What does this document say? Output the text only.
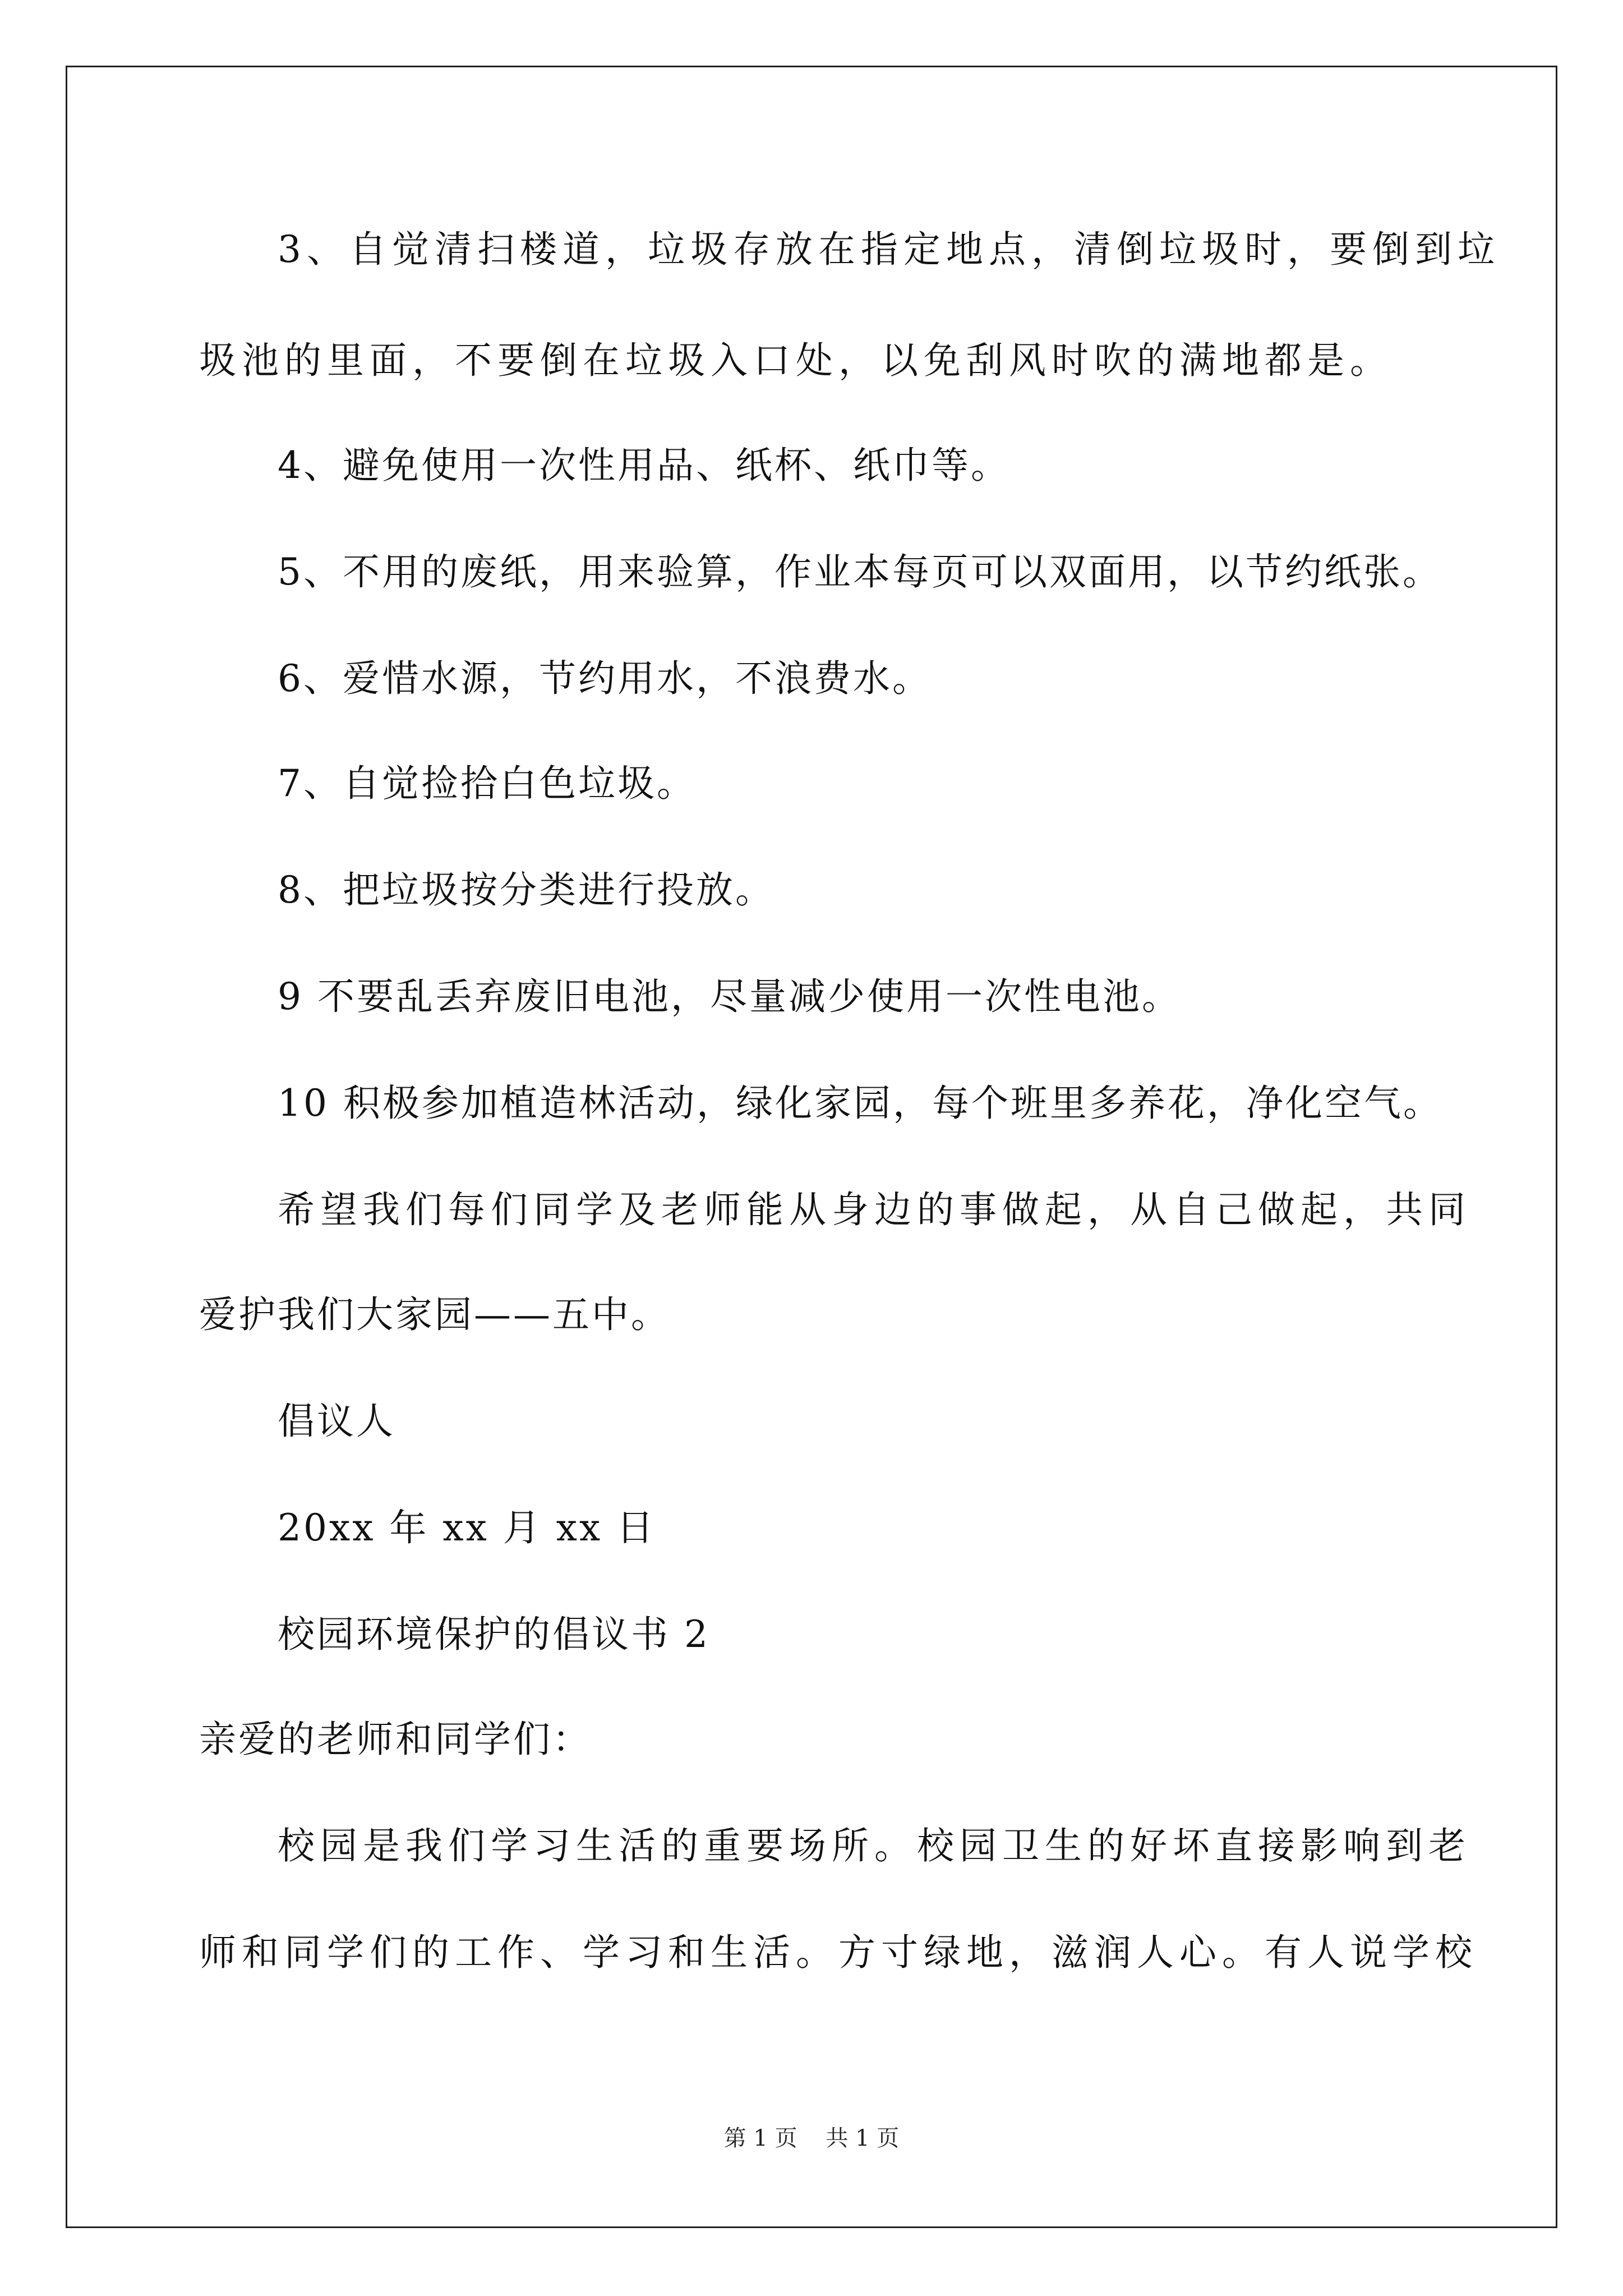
3、自觉清扫楼道，垃圾存放在指定地点，清倒垃圾时，要倒到垃
圾池的里面，不要倒在垃圾入口处，以免刮风时吹的满地都是。
4、避免使用一次性用品、纸杯、纸巾等。
5、不用的废纸，用来验算，作业本每页可以双面用，以节约纸张。
6、爱惜水源，节约用水，不浪费水。
7、自觉捡拾白色垃圾。
8、把垃圾按分类进行投放。
9 不要乱丢弃废旧电池，尽量减少使用一次性电池。
10 积极参加植造林活动，绿化家园，每个班里多养花，净化空气。
希望我们每们同学及老师能从身边的事做起，从自己做起，共同
爱护我们大家园——五中。
倡议人
20xx 年 xx 月 xx 日
校园环境保护的倡议书 2
亲爱的老师和同学们：
校园是我们学习生活的重要场所。校园卫生的好坏直接影响到老
师和同学们的工作、学习和生活。方寸绿地，滋润人心。有人说学校
第 1 页    共 1 页
